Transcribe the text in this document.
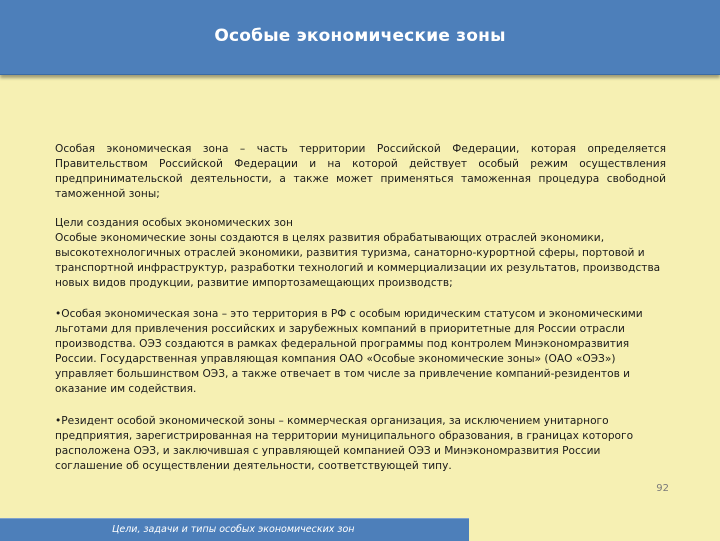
Особые экономические зоны

Особая экономическая зона – часть территории Российской Федерации, которая определяется Правительством Российской Федерации и на которой действует особый режим осуществления предпринимательской деятельности, а также может применяться таможенная процедура свободной таможенной зоны;

Цели создания особых экономических зон

Особые экономические зоны создаются в целях развития обрабатывающих отраслей экономики, высокотехнологичных отраслей экономики, развития туризма, санаторно-курортной сферы, портовой и транспортной инфраструктур, разработки технологий и коммерциализации их результатов, производства новых видов продукции, развитие импортозамещающих производств;

•Особая экономическая зона – это территория в РФ с особым юридическим статусом и экономическими льготами для привлечения российских и зарубежных компаний в приоритетные для России отрасли производства. ОЭЗ создаются в рамках федеральной программы под контролем Минэкономразвития России. Государственная управляющая компания ОАО «Особые экономические зоны» (ОАО «ОЭЗ») управляет большинством ОЭЗ, а также отвечает в том числе за привлечение компаний-резидентов и оказание им содействия.

•Резидент особой экономической зоны – коммерческая организация, за исключением унитарного предприятия, зарегистрированная на территории муниципального образования, в границах которого расположена ОЭЗ, и заключившая с управляющей компанией ОЭЗ и Минэкономразвития России соглашение об осуществлении деятельности, соответствующей типу.

92
Цели, задачи и типы особых экономических зон
